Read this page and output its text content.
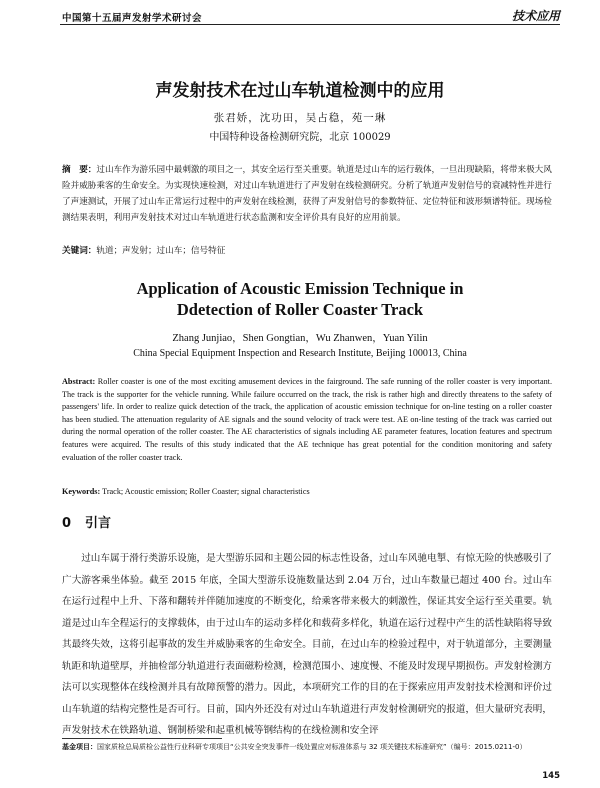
中国第十五届声发射学术研讨会	技术应用
声发射技术在过山车轨道检测中的应用
张君娇，沈功田，吴占稳，苑一琳
中国特种设备检测研究院，北京 100029
摘　要：过山车作为游乐园中最刺激的项目之一，其安全运行至关重要。轨道是过山车的运行载体，一旦出现缺陷，将带来极大风险并威胁乘客的生命安全。为实现快速检测，对过山车轨道进行了声发射在线检测研究。分析了轨道声发射信号的衰减特性并进行了声速测试，开展了过山车正常运行过程中的声发射在线检测，获得了声发射信号的参数特征、定位特征和波形频谱特征。现场检测结果表明，利用声发射技术对过山车轨道进行状态监测和安全评价具有良好的应用前景。
关键词：轨道；声发射；过山车；信号特征
Application of Acoustic Emission Technique in
Ddetection of Roller Coaster Track
Zhang Junjiao，Shen Gongtian，Wu Zhanwen，Yuan Yilin
China Special Equipment Inspection and Research Institute, Beijing 100013, China
Abstract: Roller coaster is one of the most exciting amusement devices in the fairground. The safe running of the roller coaster is very important. The track is the supporter for the vehicle running. While failure occurred on the track, the risk is rather high and directly threatens to the safety of passengers' life. In order to realize quick detection of the track, the application of acoustic emission technique for on-line testing on a roller coaster has been studied. The attenuation regularity of AE signals and the sound velocity of track were test. AE on-line testing of the track was carried out during the normal operation of the roller coaster. The AE characteristics of signals including AE parameter features, location features and spectrum features were acquired. The results of this study indicated that the AE technique has great potential for the condition monitoring and safety evaluation of the roller coaster track.
Keywords: Track; Acoustic emission; Roller Coaster; signal characteristics
0 引言
过山车属于滑行类游乐设施，是大型游乐园和主题公园的标志性设备，过山车风驰电掣、有惊无险的快感吸引了广大游客乘坐体验。截至 2015 年底，全国大型游乐设施数量达到 2.04 万台，过山车数量已超过 400 台。过山车在运行过程中上升、下落和翻转并伴随加速度的不断变化，给乘客带来极大的刺激性，保证其安全运行至关重要。轨道是过山车全程运行的支撑载体，由于过山车的运动多样化和载荷多样化，轨道在运行过程中产生的活性缺陷将导致其最终失效，这将引起事故的发生并威胁乘客的生命安全。目前，在过山车的检验过程中，对于轨道部分，主要测量轨距和轨道壁厚，并抽检部分轨道进行表面磁粉检测，检测范围小、速度慢、不能及时发现早期损伤。声发射检测方法可以实现整体在线检测并具有故障预警的潜力。因此，本项研究工作的目的在于探索应用声发射技术检测和评价过山车轨道的结构完整性是否可行。目前，国内外还没有对过山车轨道进行声发射检测研究的报道，但大量研究表明，声发射技术在铁路轨道、钢制桥梁和起重机械等钢结构的在线检测和安全评
基金项目：国家质检总局质检公益性行业科研专项项目“公共安全突发事件一线处置应对标准体系与 32 项关键技术标准研究”（编号：2015.0211-0）
145
